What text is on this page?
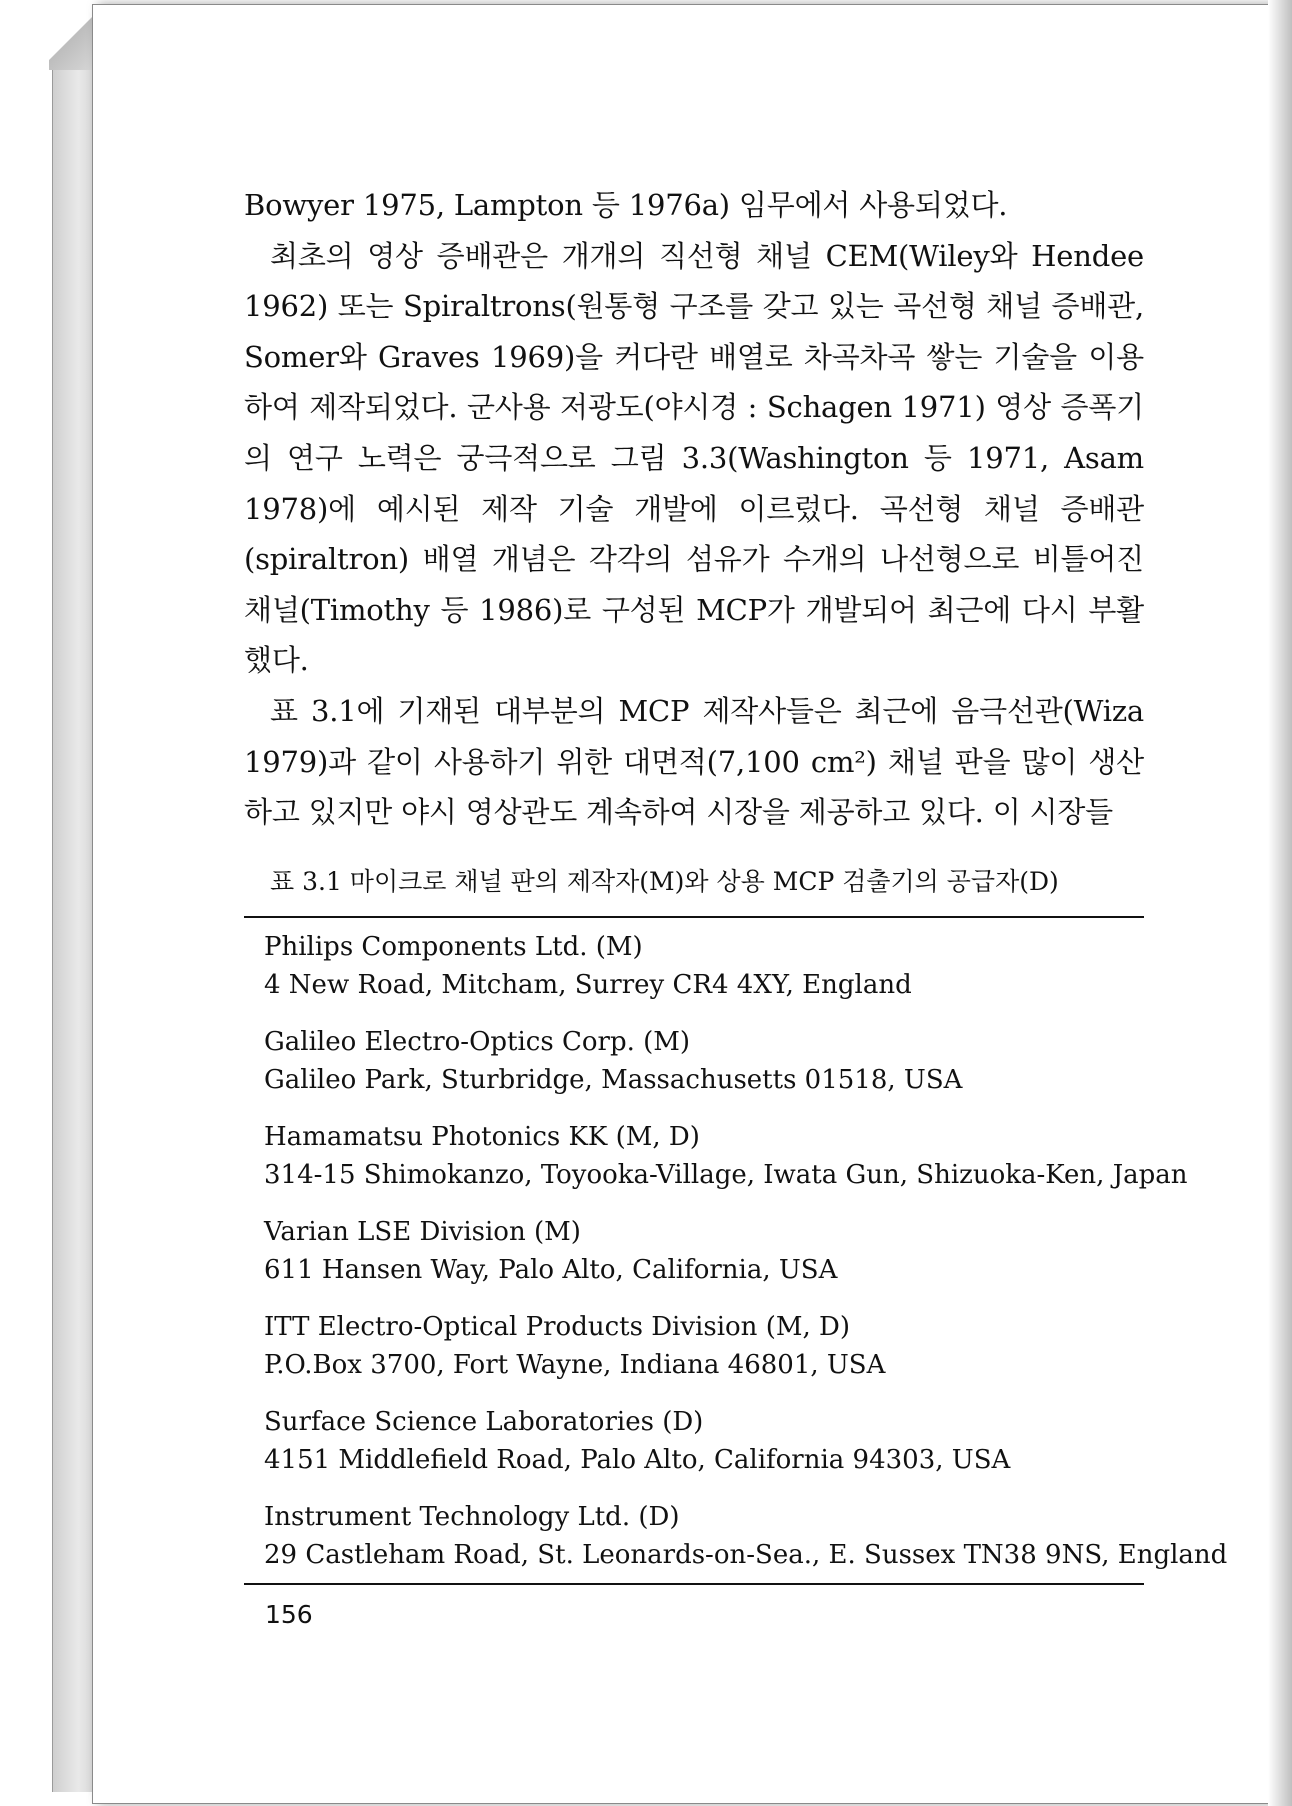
Bowyer 1975, Lampton 등 1976a) 임무에서 사용되었다.

최초의 영상 증배관은 개개의 직선형 채널 CEM(Wiley와 Hendee 1962) 또는 Spiraltrons(원통형 구조를 갖고 있는 곡선형 채널 증배관, Somer와 Graves 1969)을 커다란 배열로 차곡차곡 쌓는 기술을 이용하여 제작되었다. 군사용 저광도(야시경 : Schagen 1971) 영상 증폭기의 연구 노력은 궁극적으로 그림 3.3(Washington 등 1971, Asam 1978)에 예시된 제작 기술 개발에 이르렀다. 곡선형 채널 증배관(spiraltron) 배열 개념은 각각의 섬유가 수개의 나선형으로 비틀어진 채널(Timothy 등 1986)로 구성된 MCP가 개발되어 최근에 다시 부활했다.

표 3.1에 기재된 대부분의 MCP 제작사들은 최근에 음극선관(Wiza 1979)과 같이 사용하기 위한 대면적(7,100 cm²) 채널 판을 많이 생산하고 있지만 야시 영상관도 계속하여 시장을 제공하고 있다. 이 시장들

표 3.1 마이크로 채널 판의 제작자(M)와 상용 MCP 검출기의 공급자(D)
Philips Components Ltd. (M)
4 New Road, Mitcham, Surrey CR4 4XY, England
Galileo Electro-Optics Corp. (M)
Galileo Park, Sturbridge, Massachusetts 01518, USA
Hamamatsu Photonics KK (M, D)
314-15 Shimokanzo, Toyooka-Village, Iwata Gun, Shizuoka-Ken, Japan
Varian LSE Division (M)
611 Hansen Way, Palo Alto, California, USA
ITT Electro-Optical Products Division (M, D)
P.O.Box 3700, Fort Wayne, Indiana 46801, USA
Surface Science Laboratories (D)
4151 Middlefield Road, Palo Alto, California 94303, USA
Instrument Technology Ltd. (D)
29 Castleham Road, St. Leonards-on-Sea., E. Sussex TN38 9NS, England
156
